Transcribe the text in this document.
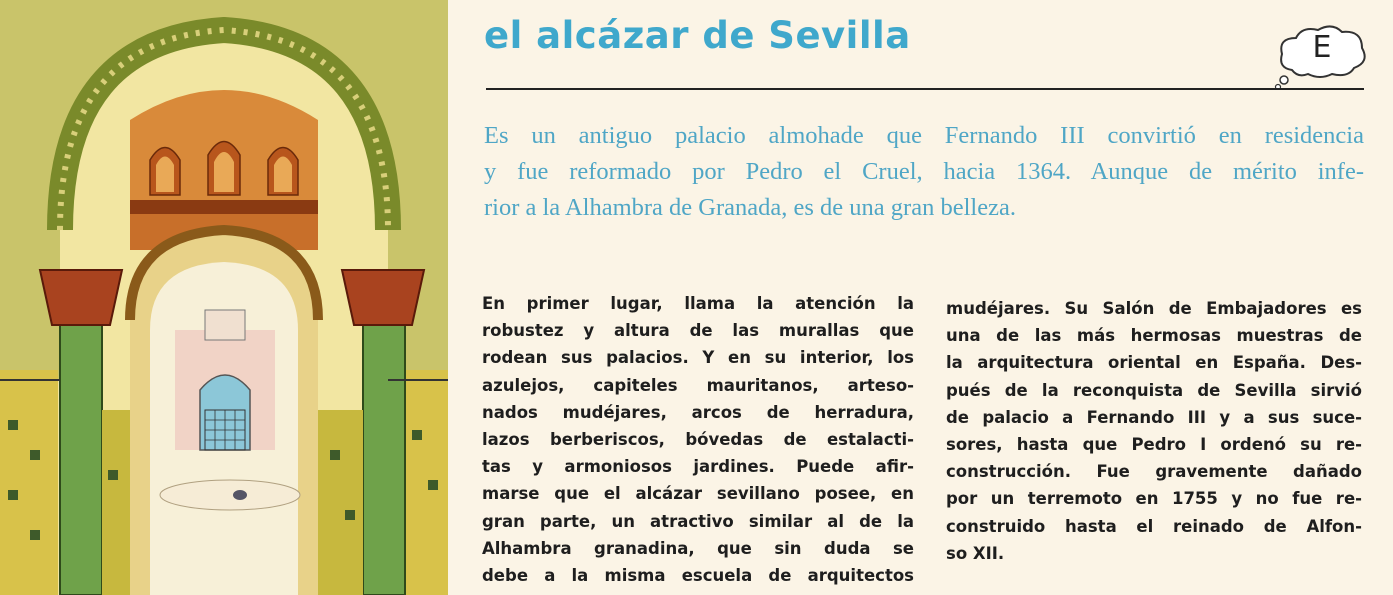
el alcázar de Sevilla	E

Es un antiguo palacio almohade que Fernando III convirtió en residencia
y fue reformado por Pedro el Cruel, hacia 1364. Aunque de mérito infe-
rior a la Alhambra de Granada, es de una gran belleza.

En primer lugar, llama la atención la
robustez y altura de las murallas que
rodean sus palacios. Y en su interior, los
azulejos, capiteles mauritanos, arteso-
nados mudéjares, arcos de herradura,
lazos berberiscos, bóvedas de estalacti-
tas y armoniosos jardines. Puede afir-
marse que el alcázar sevillano posee, en
gran parte, un atractivo similar al de la
Alhambra granadina, que sin duda se
debe a la misma escuela de arquitectos
mudéjares. Su Salón de Embajadores es
una de las más hermosas muestras de
la arquitectura oriental en España. Des-
pués de la reconquista de Sevilla sirvió
de palacio a Fernando III y a sus suce-
sores, hasta que Pedro I ordenó su re-
construcción. Fue gravemente dañado
por un terremoto en 1755 y no fue re-
construido hasta el reinado de Alfon-
so XII.
